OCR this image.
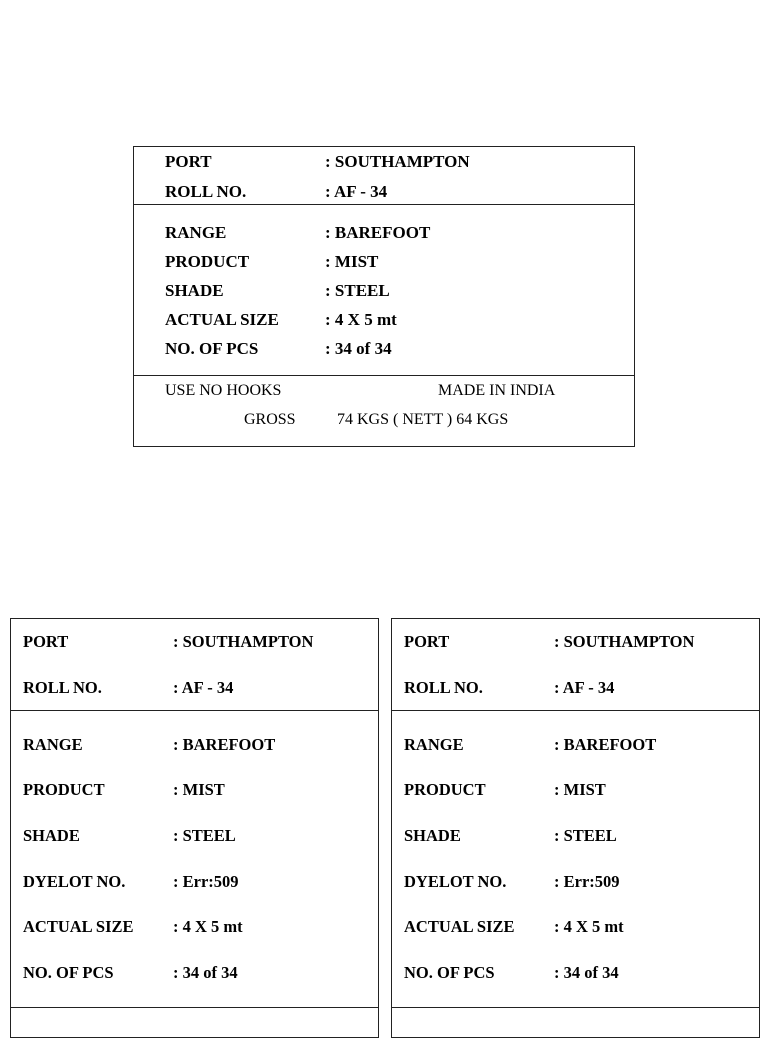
PORT	: SOUTHAMPTON
ROLL NO.	: AF - 34
RANGE	: BAREFOOT
PRODUCT	: MIST
SHADE	: STEEL
ACTUAL SIZE	: 4 X 5 mt
NO. OF PCS	: 34 of 34
USE NO HOOKS	MADE IN INDIA
GROSS	74 KGS ( NETT ) 64 KGS
PORT	: SOUTHAMPTON
ROLL NO.	: AF - 34
RANGE	: BAREFOOT
PRODUCT	: MIST
SHADE	: STEEL
DYELOT NO.	: Err:509
ACTUAL SIZE : 4 X 5 mt
NO. OF PCS	: 34 of 34
PORT	: SOUTHAMPTON
ROLL NO.	: AF - 34
RANGE	: BAREFOOT
PRODUCT	: MIST
SHADE	: STEEL
DYELOT NO.	: Err:509
ACTUAL SIZE : 4 X 5 mt
NO. OF PCS	: 34 of 34
